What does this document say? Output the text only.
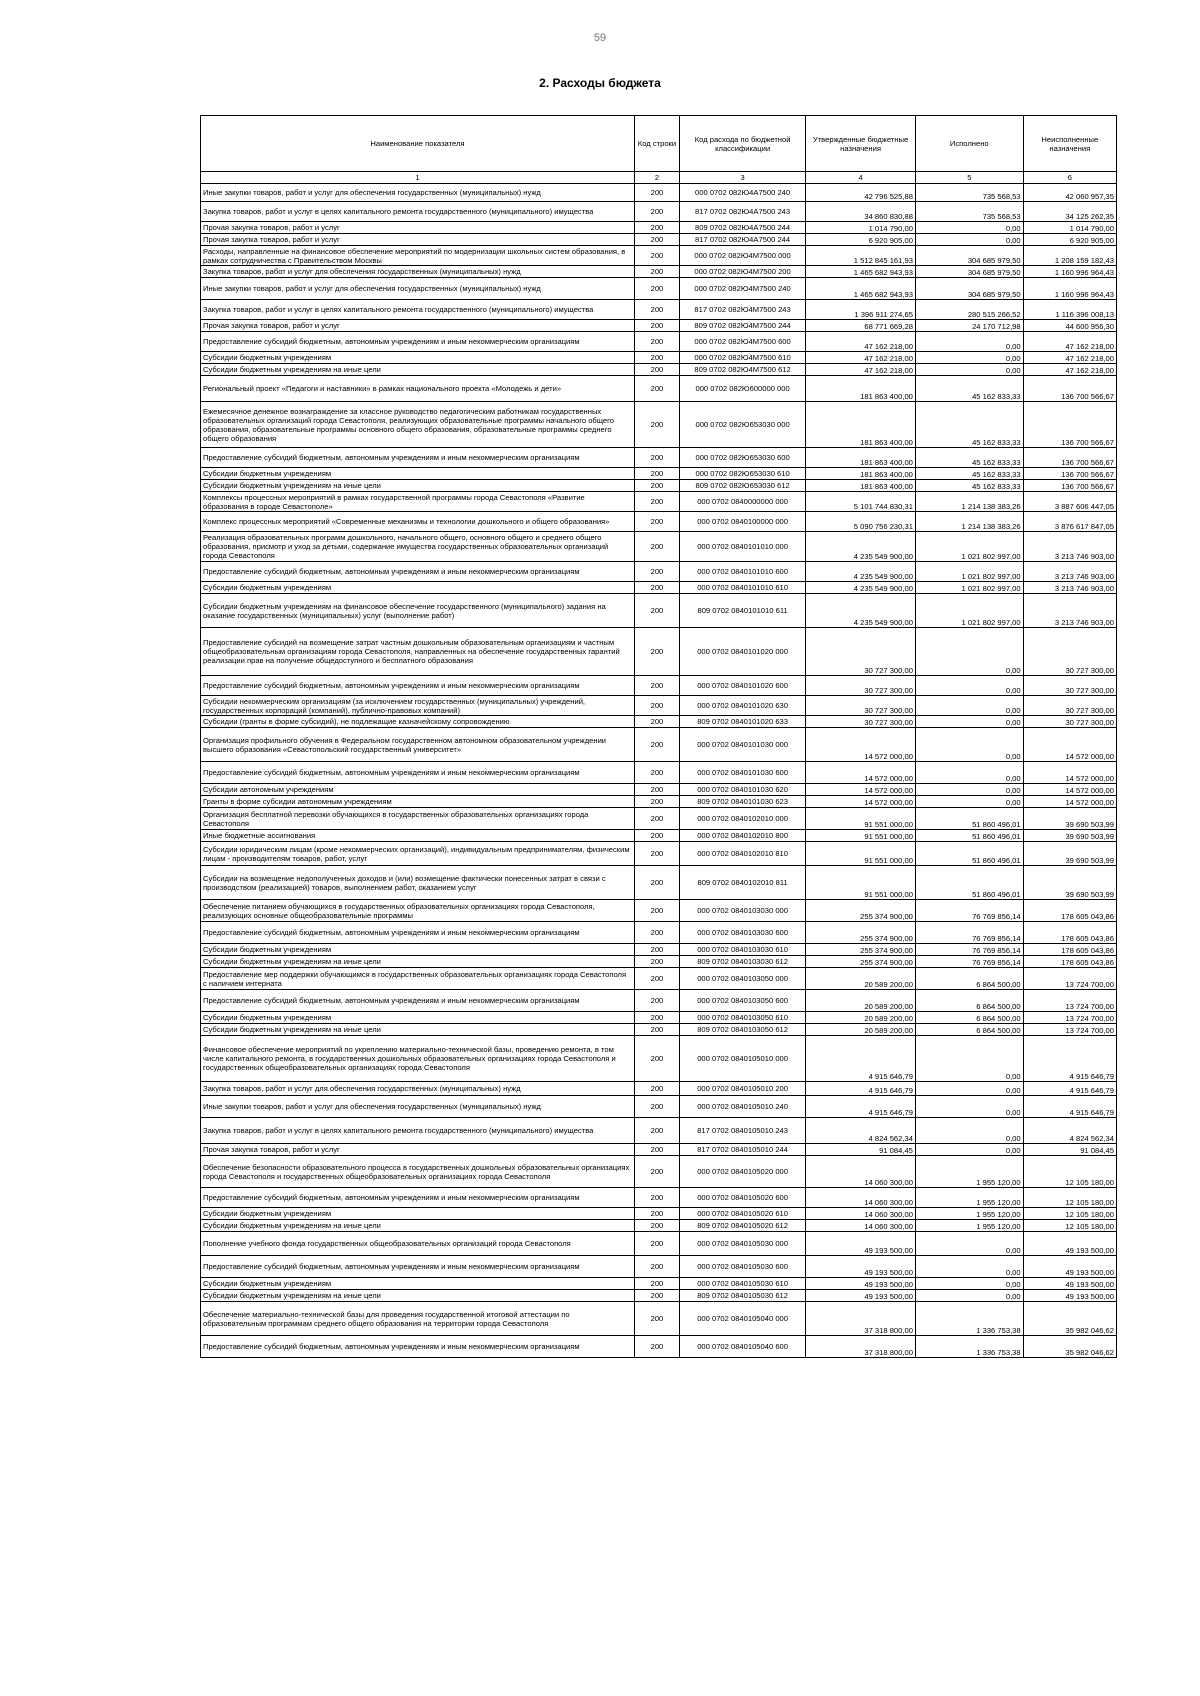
59
2. Расходы бюджета
Наименование показателя	Код строки	Код расхода по бюджетной классификации	Утвержденные бюджетные назначения	Исполнено	Неисполненные назначения
1	2	3	4	5	6
Иные закупки товаров, работ и услуг для обеспечения государственных (муниципальных) нужд	200	000 0702 082Ю4А7500 240	42 796 525,88	735 568,53	42 060 957,35
Закупка товаров, работ и услуг в целях капитального ремонта государственного (муниципального) имущества	200	817 0702 082Ю4А7500 243	34 860 830,88	735 568,53	34 125 262,35
Прочая закупка товаров, работ и услуг	200	809 0702 082Ю4А7500 244	1 014 790,00	0,00	1 014 790,00
Прочая закупка товаров, работ и услуг	200	817 0702 082Ю4А7500 244	6 920 905,00	0,00	6 920 905,00
Расходы, направленные на финансовое обеспечение мероприятий по модернизации школьных систем образования, в рамках сотрудничества с Правительством Москвы	200	000 0702 082Ю4М7500 000	1 512 845 161,93	304 685 979,50	1 208 159 182,43
Закупка товаров, работ и услуг для обеспечения государственных (муниципальных) нужд	200	000 0702 082Ю4М7500 200	1 465 682 943,93	304 685 979,50	1 160 996 964,43
Иные закупки товаров, работ и услуг для обеспечения государственных (муниципальных) нужд	200	000 0702 082Ю4М7500 240	1 465 682 943,93	304 685 979,50	1 160 996 964,43
Закупка товаров, работ и услуг в целях капитального ремонта государственного (муниципального) имущества	200	817 0702 082Ю4М7500 243	1 396 911 274,65	280 515 266,52	1 116 396 008,13
Прочая закупка товаров, работ и услуг	200	809 0702 082Ю4М7500 244	68 771 669,28	24 170 712,98	44 600 956,30
Предоставление субсидий бюджетным, автономным учреждениям и иным некоммерческим организациям	200	000 0702 082Ю4М7500 600	47 162 218,00	0,00	47 162 218,00
Субсидии бюджетным учреждениям	200	000 0702 082Ю4М7500 610	47 162 218,00	0,00	47 162 218,00
Субсидии бюджетным учреждениям на иные цели	200	809 0702 082Ю4М7500 612	47 162 218,00	0,00	47 162 218,00
Региональный проект «Педагоги и наставники» в рамках национального проекта «Молодежь и дети»	200	000 0702 082Ю600000 000	181 863 400,00	45 162 833,33	136 700 566,67
Ежемесячное денежное вознаграждение за классное руководство педагогическим работникам государственных образовательных организаций города Севастополя, реализующих образовательные программы начального общего образования, образовательные программы основного общего образования, образовательные программы среднего общего образования	200	000 0702 082Ю653030 000	181 863 400,00	45 162 833,33	136 700 566,67
Предоставление субсидий бюджетным, автономным учреждениям и иным некоммерческим организациям	200	000 0702 082Ю653030 600	181 863 400,00	45 162 833,33	136 700 566,67
Субсидии бюджетным учреждениям	200	000 0702 082Ю653030 610	181 863 400,00	45 162 833,33	136 700 566,67
Субсидии бюджетным учреждениям на иные цели	200	809 0702 082Ю653030 612	181 863 400,00	45 162 833,33	136 700 566,67
Комплексы процессных мероприятий в рамках государственной программы города Севастополя «Развитие образования в городе Севастополе»	200	000 0702 0840000000 000	5 101 744 830,31	1 214 138 383,26	3 887 606 447,05
Комплекс процессных мероприятий «Современные механизмы и технологии дошкольного и общего образования»	200	000 0702 0840100000 000	5 090 756 230,31	1 214 138 383,26	3 876 617 847,05
Реализация образовательных программ дошкольного, начального общего, основного общего и среднего общего образования, присмотр и уход за детьми, содержание имущества государственных образовательных организаций города Севастополя	200	000 0702 0840101010 000	4 235 549 900,00	1 021 802 997,00	3 213 746 903,00
Предоставление субсидий бюджетным, автономным учреждениям и иным некоммерческим организациям	200	000 0702 0840101010 600	4 235 549 900,00	1 021 802 997,00	3 213 746 903,00
Субсидии бюджетным учреждениям	200	000 0702 0840101010 610	4 235 549 900,00	1 021 802 997,00	3 213 746 903,00
Субсидии бюджетным учреждениям на финансовое обеспечение государственного (муниципального) задания на оказание государственных (муниципальных) услуг (выполнение работ)	200	809 0702 0840101010 611	4 235 549 900,00	1 021 802 997,00	3 213 746 903,00
Предоставление субсидий на возмещение затрат частным дошкольным образовательным организациям и частным общеобразовательным организациям города Севастополя, направленных на обеспечение государственных гарантий реализации прав на получение общедоступного и бесплатного образования	200	000 0702 0840101020 000	30 727 300,00	0,00	30 727 300,00
Предоставление субсидий бюджетным, автономным учреждениям и иным некоммерческим организациям	200	000 0702 0840101020 600	30 727 300,00	0,00	30 727 300,00
Субсидии некоммерческим организациям (за исключением государственных (муниципальных) учреждений, государственных корпораций (компаний), публично-правовых компаний)	200	000 0702 0840101020 630	30 727 300,00	0,00	30 727 300,00
Субсидии (гранты в форме субсидий), не подлежащие казначейскому сопровождению	200	809 0702 0840101020 633	30 727 300,00	0,00	30 727 300,00
Организация профильного обучения в Федеральном государственном автономном образовательном учреждении высшего образования «Севастопольский государственный университет»	200	000 0702 0840101030 000	14 572 000,00	0,00	14 572 000,00
Предоставление субсидий бюджетным, автономным учреждениям и иным некоммерческим организациям	200	000 0702 0840101030 600	14 572 000,00	0,00	14 572 000,00
Субсидии автономным учреждениям	200	000 0702 0840101030 620	14 572 000,00	0,00	14 572 000,00
Гранты в форме субсидии автономным учреждениям	200	809 0702 0840101030 623	14 572 000,00	0,00	14 572 000,00
Организация бесплатной перевозки обучающихся в государственных образовательных организациях города Севастополя	200	000 0702 0840102010 000	91 551 000,00	51 860 496,01	39 690 503,99
Иные бюджетные ассигнования	200	000 0702 0840102010 800	91 551 000,00	51 860 496,01	39 690 503,99
Субсидии юридическим лицам (кроме некоммерческих организаций), индивидуальным предпринимателям, физическим лицам - производителям товаров, работ, услуг	200	000 0702 0840102010 810	91 551 000,00	51 860 496,01	39 690 503,99
Субсидии на возмещение недополученных доходов и (или) возмещение фактически понесенных затрат в связи с производством (реализацией) товаров, выполнением работ, оказанием услуг	200	809 0702 0840102010 811	91 551 000,00	51 860 496,01	39 690 503,99
Обеспечение питанием обучающихся в государственных образовательных организациях города Севастополя, реализующих основные общеобразовательные программы	200	000 0702 0840103030 000	255 374 900,00	76 769 856,14	178 605 043,86
Предоставление субсидий бюджетным, автономным учреждениям и иным некоммерческим организациям	200	000 0702 0840103030 600	255 374 900,00	76 769 856,14	178 605 043,86
Субсидии бюджетным учреждениям	200	000 0702 0840103030 610	255 374 900,00	76 769 856,14	178 605 043,86
Субсидии бюджетным учреждениям на иные цели	200	809 0702 0840103030 612	255 374 900,00	76 769 856,14	178 605 043,86
Предоставление мер поддержки обучающимся в государственных образовательных организациях города Севастополя с наличием интерната	200	000 0702 0840103050 000	20 589 200,00	6 864 500,00	13 724 700,00
Предоставление субсидий бюджетным, автономным учреждениям и иным некоммерческим организациям	200	000 0702 0840103050 600	20 589 200,00	6 864 500,00	13 724 700,00
Субсидии бюджетным учреждениям	200	000 0702 0840103050 610	20 589 200,00	6 864 500,00	13 724 700,00
Субсидии бюджетным учреждениям на иные цели	200	809 0702 0840103050 612	20 589 200,00	6 864 500,00	13 724 700,00
Финансовое обеспечение мероприятий по укреплению материально-технической базы, проведению ремонта, в том числе капитального ремонта, в государственных дошкольных образовательных организациях города Севастополя и государственных общеобразовательных организациях города Севастополя	200	000 0702 0840105010 000	4 915 646,79	0,00	4 915 646,79
Закупка товаров, работ и услуг для обеспечения государственных (муниципальных) нужд	200	000 0702 0840105010 200	4 915 646,79	0,00	4 915 646,79
Иные закупки товаров, работ и услуг для обеспечения государственных (муниципальных) нужд	200	000 0702 0840105010 240	4 915 646,79	0,00	4 915 646,79
Закупка товаров, работ и услуг в целях капитального ремонта государственного (муниципального) имущества	200	817 0702 0840105010 243	4 824 562,34	0,00	4 824 562,34
Прочая закупка товаров, работ и услуг	200	817 0702 0840105010 244	91 084,45	0,00	91 084,45
Обеспечение безопасности образовательного процесса в государственных дошкольных образовательных организациях города Севастополя и государственных общеобразовательных организациях города Севастополя	200	000 0702 0840105020 000	14 060 300,00	1 955 120,00	12 105 180,00
Предоставление субсидий бюджетным, автономным учреждениям и иным некоммерческим организациям	200	000 0702 0840105020 600	14 060 300,00	1 955 120,00	12 105 180,00
Субсидии бюджетным учреждениям	200	000 0702 0840105020 610	14 060 300,00	1 955 120,00	12 105 180,00
Субсидии бюджетным учреждениям на иные цели	200	809 0702 0840105020 612	14 060 300,00	1 955 120,00	12 105 180,00
Пополнение учебного фонда государственных общеобразовательных организаций города Севастополя	200	000 0702 0840105030 000	49 193 500,00	0,00	49 193 500,00
Предоставление субсидий бюджетным, автономным учреждениям и иным некоммерческим организациям	200	000 0702 0840105030 600	49 193 500,00	0,00	49 193 500,00
Субсидии бюджетным учреждениям	200	000 0702 0840105030 610	49 193 500,00	0,00	49 193 500,00
Субсидии бюджетным учреждениям на иные цели	200	809 0702 0840105030 612	49 193 500,00	0,00	49 193 500,00
Обеспечение материально-технической базы для проведения государственной итоговой аттестации по образовательным программам среднего общего образования на территории города Севастополя	200	000 0702 0840105040 000	37 318 800,00	1 336 753,38	35 982 046,62
Предоставление субсидий бюджетным, автономным учреждениям и иным некоммерческим организациям	200	000 0702 0840105040 600	37 318 800,00	1 336 753,38	35 982 046,62
